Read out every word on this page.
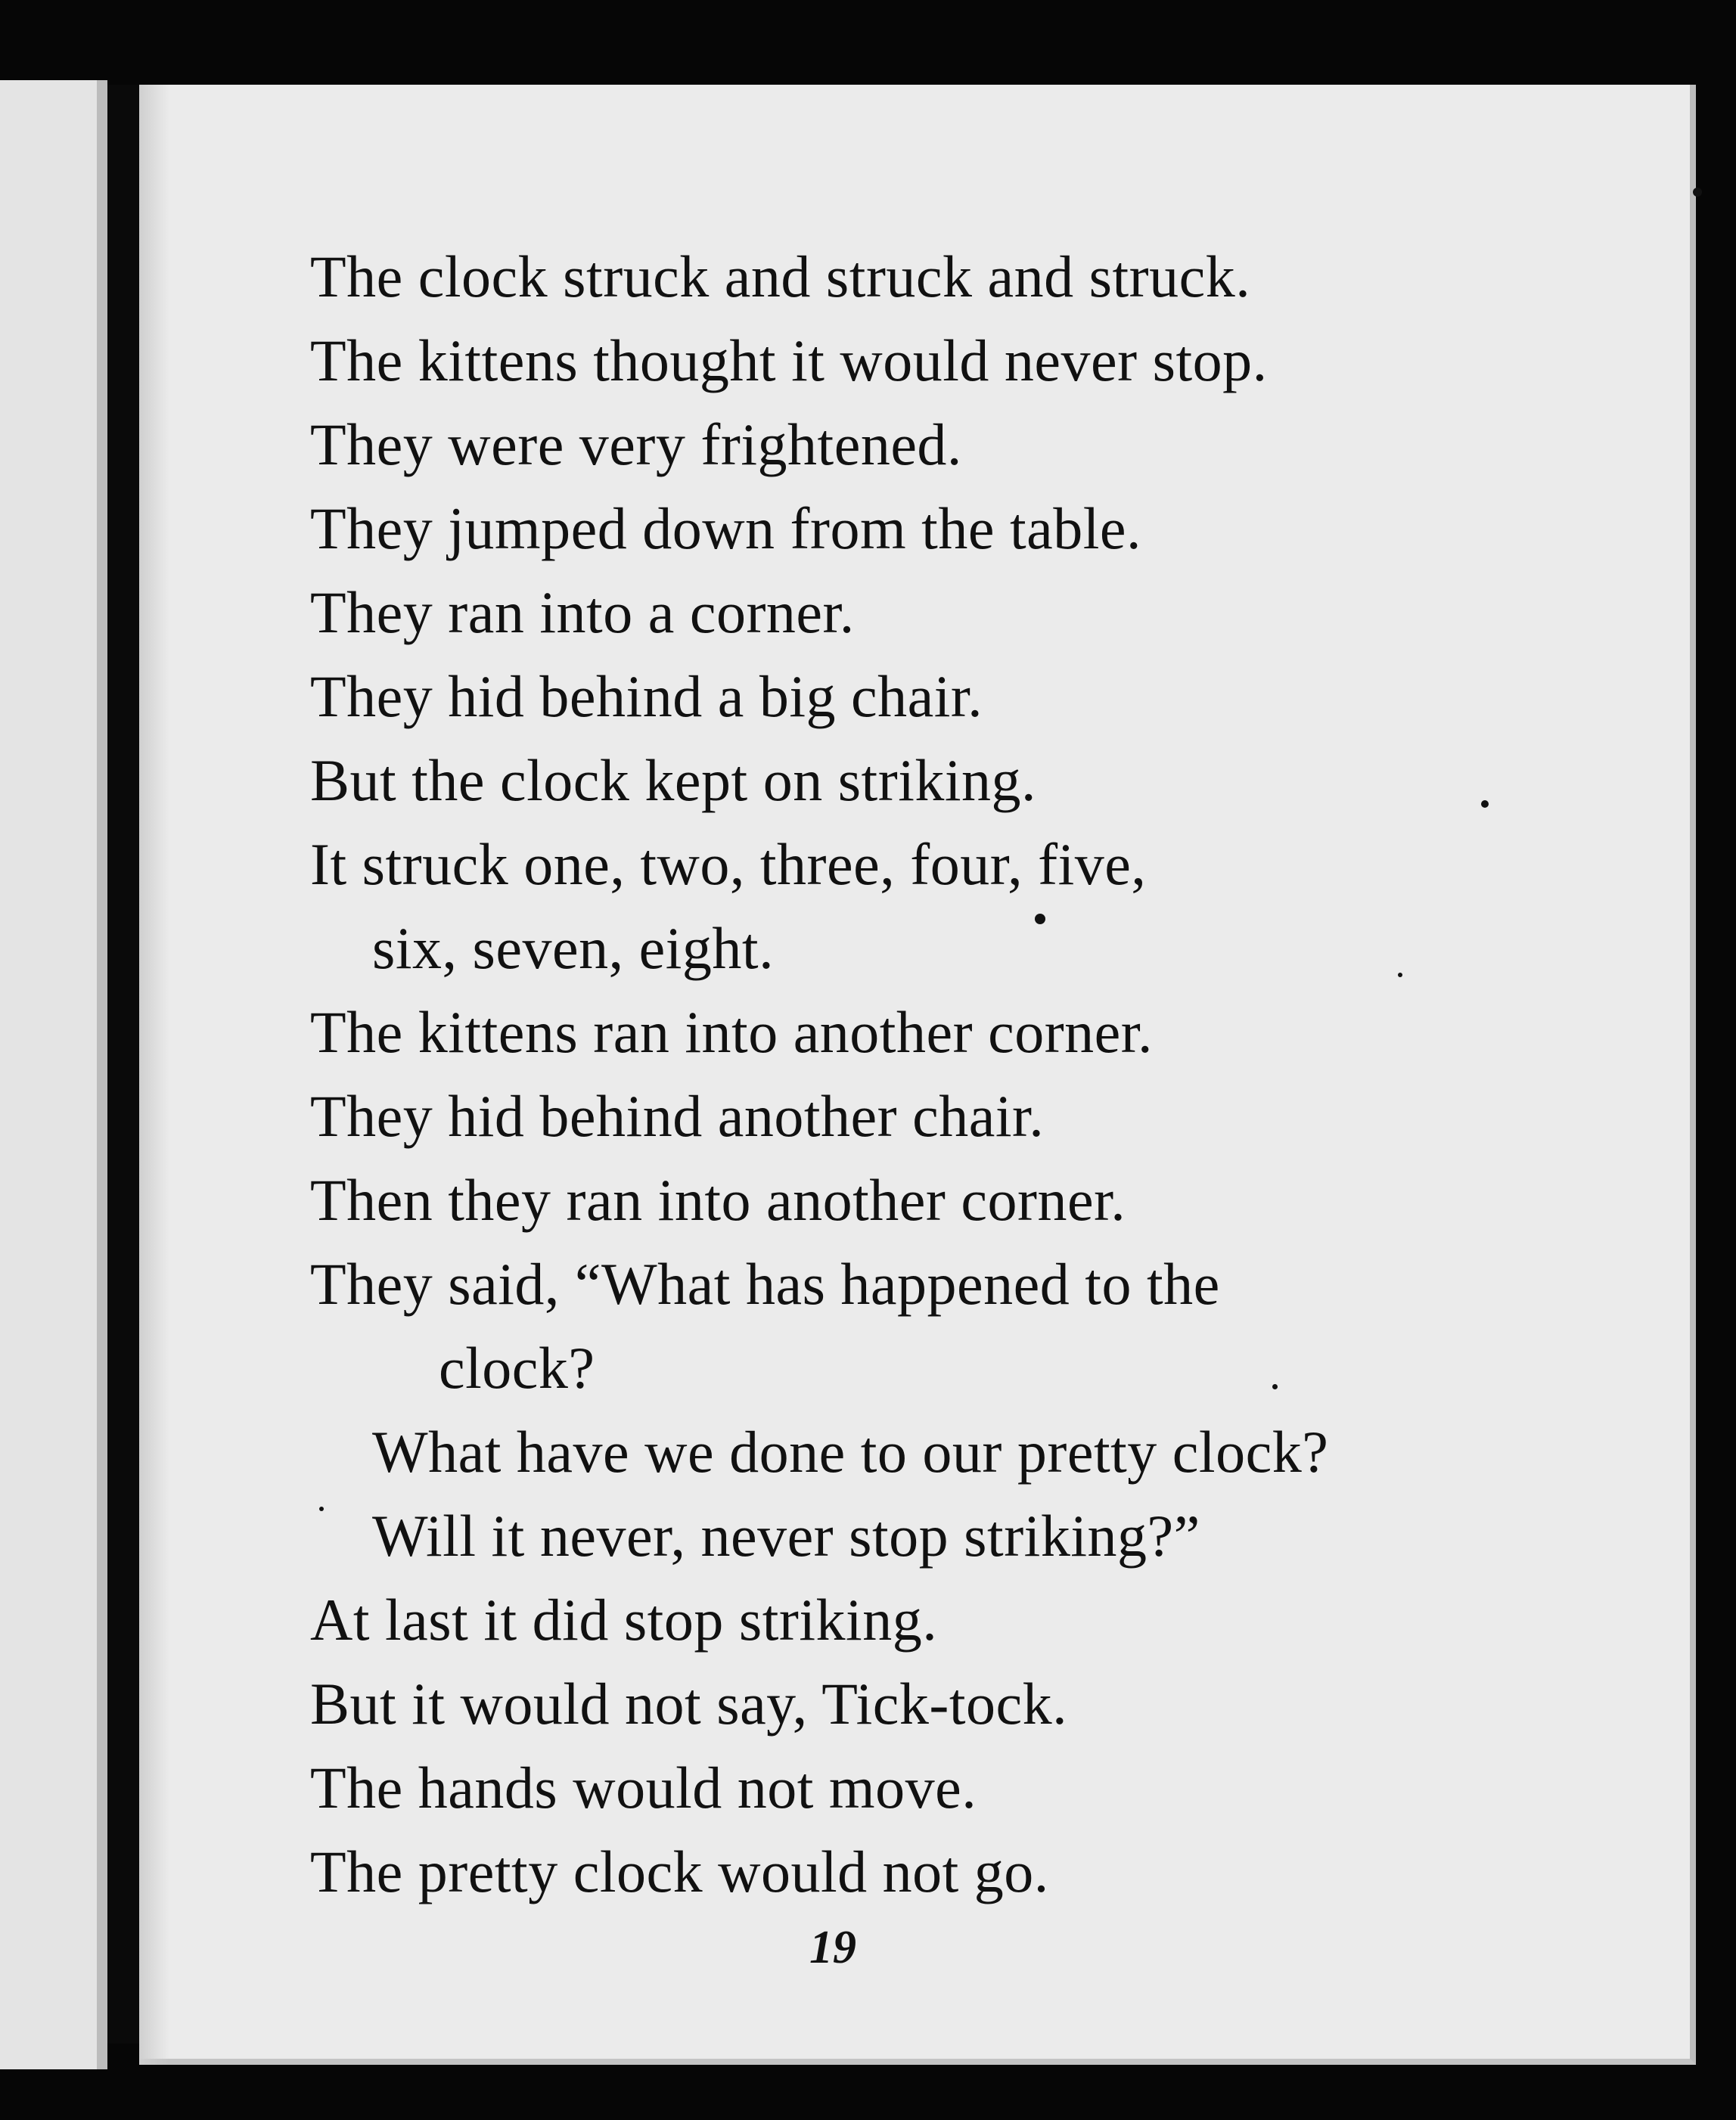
The clock struck and struck and struck.
The kittens thought it would never stop.
They were very frightened.
They jumped down from the table.
They ran into a corner.
They hid behind a big chair.
But the clock kept on striking.
It struck one, two, three, four, five,
six, seven, eight.
The kittens ran into another corner.
They hid behind another chair.
Then they ran into another corner.
They said, “What has happened to the
clock?
What have we done to our pretty clock?
Will it never, never stop striking?”
At last it did stop striking.
But it would not say, Tick-tock.
The hands would not move.
The pretty clock would not go.
19
